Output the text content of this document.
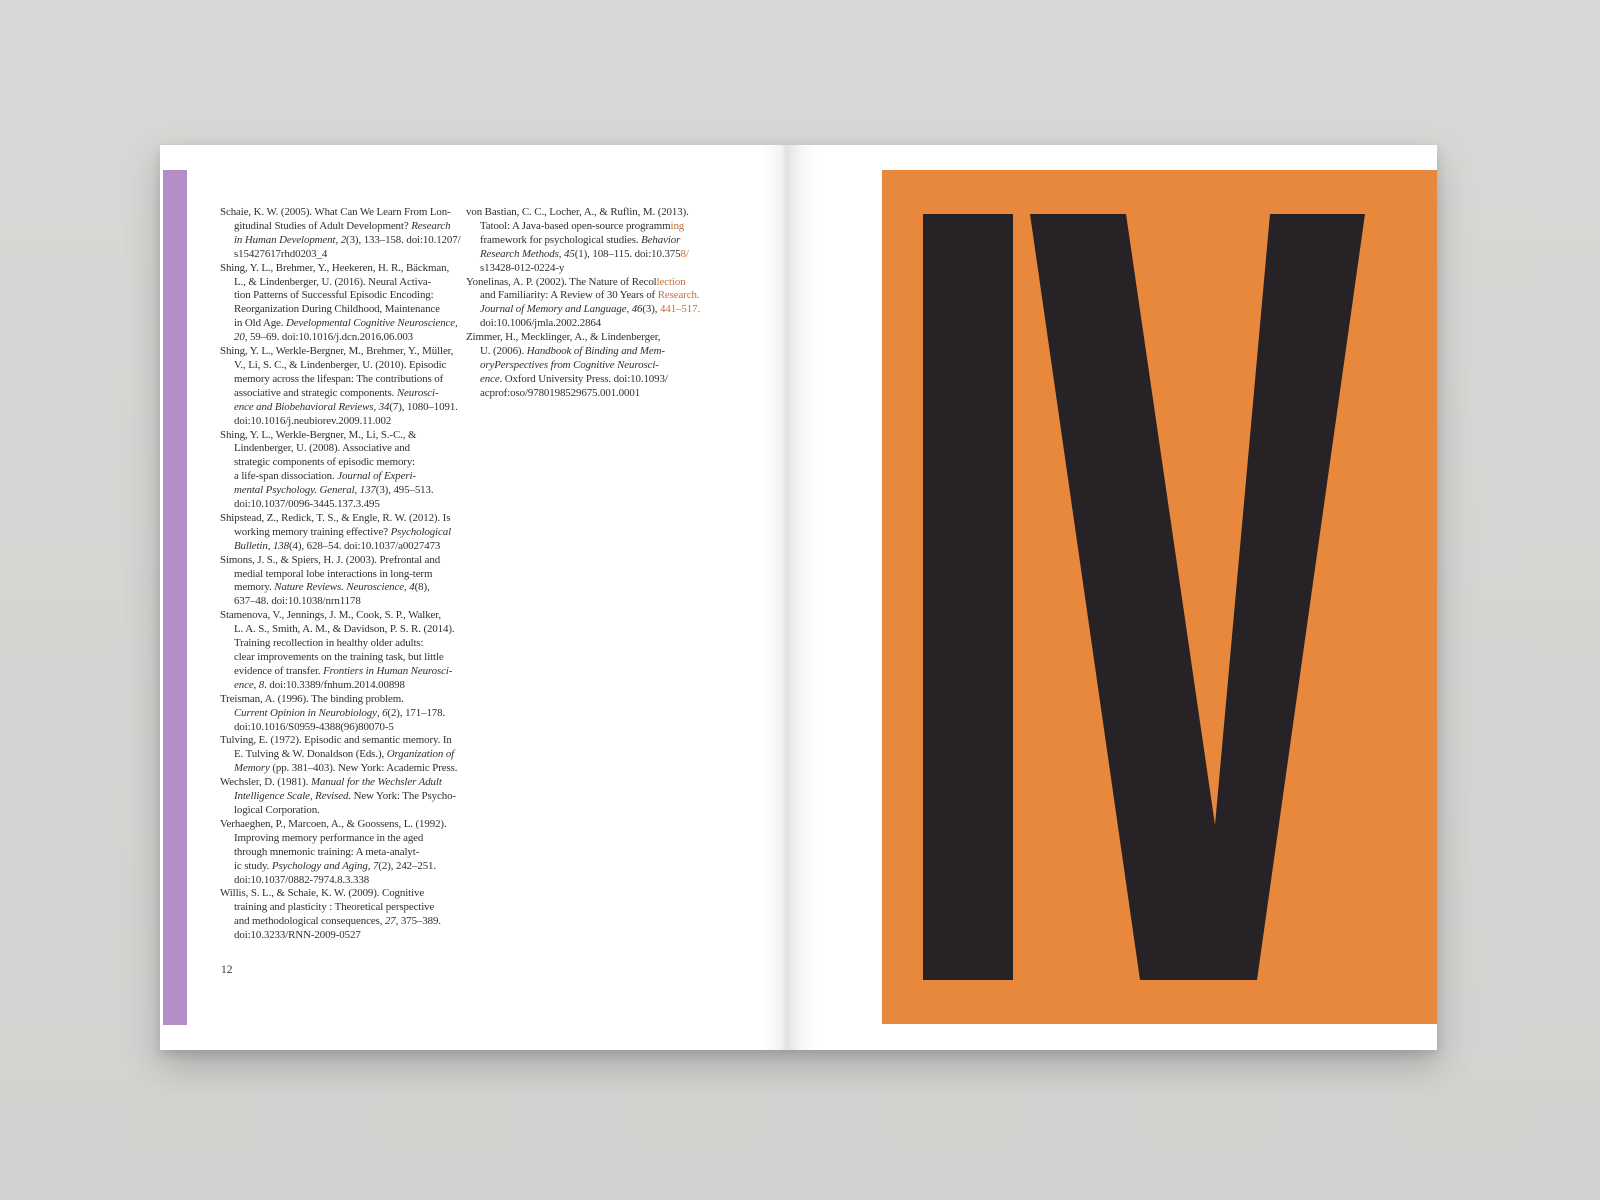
Schaie, K. W. (2005). What Can We Learn From Lon-
gitudinal Studies of Adult Development? Research
in Human Development, 2(3), 133–158. doi:10.1207/
s15427617rhd0203_4
Shing, Y. L., Brehmer, Y., Heekeren, H. R., Bäckman,
L., & Lindenberger, U. (2016). Neural Activa-
tion Patterns of Successful Episodic Encoding:
Reorganization During Childhood, Maintenance
in Old Age. Developmental Cognitive Neuroscience,
20, 59–69. doi:10.1016/j.dcn.2016.06.003
Shing, Y. L., Werkle-Bergner, M., Brehmer, Y., Müller,
V., Li, S. C., & Lindenberger, U. (2010). Episodic
memory across the lifespan: The contributions of
associative and strategic components. Neurosci-
ence and Biobehavioral Reviews, 34(7), 1080–1091.
doi:10.1016/j.neubiorev.2009.11.002
Shing, Y. L., Werkle-Bergner, M., Li, S.-C., &
Lindenberger, U. (2008). Associative and
strategic components of episodic memory:
a life-span dissociation. Journal of Experi-
mental Psychology. General, 137(3), 495–513.
doi:10.1037/0096-3445.137.3.495
Shipstead, Z., Redick, T. S., & Engle, R. W. (2012). Is
working memory training effective? Psychological
Bulletin, 138(4), 628–54. doi:10.1037/a0027473
Simons, J. S., & Spiers, H. J. (2003). Prefrontal and
medial temporal lobe interactions in long-term
memory. Nature Reviews. Neuroscience, 4(8),
637–48. doi:10.1038/nrn1178
Stamenova, V., Jennings, J. M., Cook, S. P., Walker,
L. A. S., Smith, A. M., & Davidson, P. S. R. (2014).
Training recollection in healthy older adults:
clear improvements on the training task, but little
evidence of transfer. Frontiers in Human Neurosci-
ence, 8. doi:10.3389/fnhum.2014.00898
Treisman, A. (1996). The binding problem.
Current Opinion in Neurobiology, 6(2), 171–178.
doi:10.1016/S0959-4388(96)80070-5
Tulving, E. (1972). Episodic and semantic memory. In
E. Tulving & W. Donaldson (Eds.), Organization of
Memory (pp. 381–403). New York: Academic Press.
Wechsler, D. (1981). Manual for the Wechsler Adult
Intelligence Scale, Revised. New York: The Psycho-
logical Corporation.
Verhaeghen, P., Marcoen, A., & Goossens, L. (1992).
Improving memory performance in the aged
through mnemonic training: A meta-analyt-
ic study. Psychology and Aging, 7(2), 242–251.
doi:10.1037/0882-7974.8.3.338
Willis, S. L., & Schaie, K. W. (2009). Cognitive
training and plasticity : Theoretical perspective
and methodological consequences, 27, 375–389.
doi:10.3233/RNN-2009-0527
von Bastian, C. C., Locher, A., & Ruflin, M. (2013).
Tatool: A Java-based open-source programming
framework for psychological studies. Behavior
Research Methods, 45(1), 108–115. doi:10.3758/
s13428-012-0224-y
Yonelinas, A. P. (2002). The Nature of Recollection
and Familiarity: A Review of 30 Years of Research.
Journal of Memory and Language, 46(3), 441–517.
doi:10.1006/jmla.2002.2864
Zimmer, H., Mecklinger, A., & Lindenberger,
U. (2006). Handbook of Binding and Mem-
oryPerspectives from Cognitive Neurosci-
ence. Oxford University Press. doi:10.1093/
acprof:oso/9780198529675.001.0001
12
